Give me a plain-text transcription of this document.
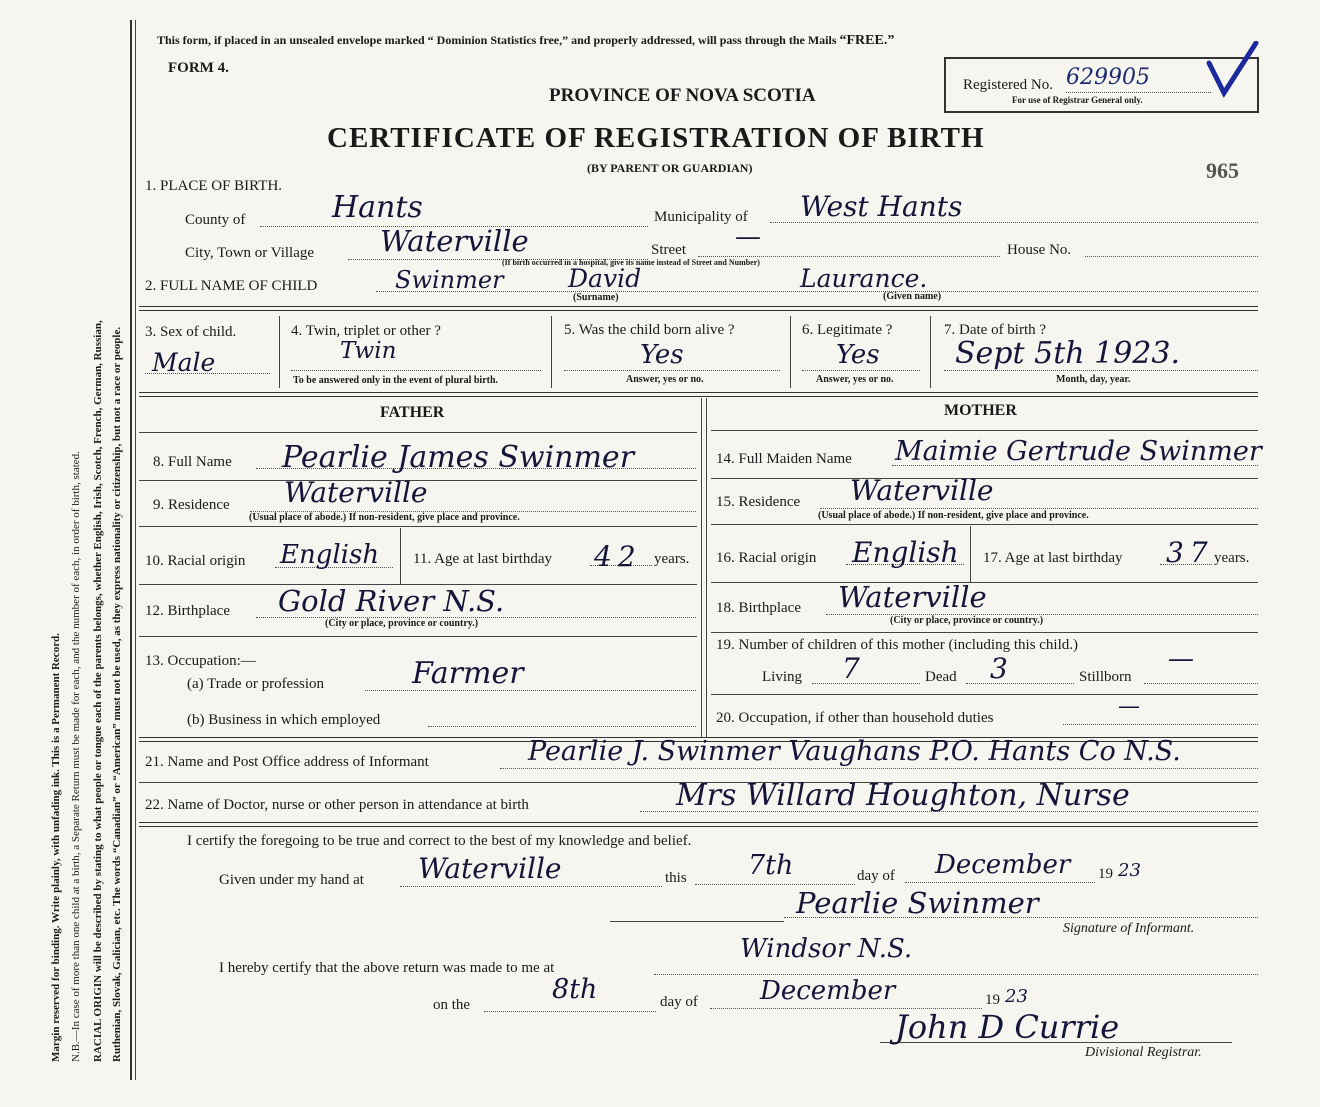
Margin reserved for binding. Write plainly, with unfading ink. This is a Permanent Record. N.B.—In case of more than one child at a birth, a Separate Return must be made for each, and the number of each, in order of birth, stated. RACIAL ORIGIN will be described by stating to what people or tongue each of the parents belongs, whether English, Irish, Scotch, French, German, Russian, Ruthenian, Slovak, Galician, etc. The words “Canadian” or “American” must not be used, as they express nationality or citizenship, but not a race or people.
This form, if placed in an unsealed envelope marked “ Dominion Statistics free,” and properly addressed, will pass through the Mails “FREE.”
FORM 4.
PROVINCE OF NOVA SCOTIA
CERTIFICATE OF REGISTRATION OF BIRTH
(BY PARENT OR GUARDIAN)
Registered No. 629905
For use of Registrar General only.
965
1. PLACE OF BIRTH.
County of	Hants	Municipality of West Hants
City, Town or Village Waterville	Street —	House No.
(If birth occurred in a hospital, give its name instead of Street and Number)
2. FULL NAME OF CHILD	Swinmer	David	Laurance.
(Surname)	(Given name)
3. Sex of child.
Male
4. Twin, triplet or other ?
Twin
To be answered only in the event of plural birth.
5. Was the child born alive ?
Yes
Answer, yes or no.
6. Legitimate ?
Yes
Answer, yes or no.
7. Date of birth ?
Sept 5th 1923.
Month, day, year.
FATHER	MOTHER
8. Full Name Pearlie James Swinmer
9. Residence Waterville
(Usual place of abode.) If non-resident, give place and province.
10. Racial origin English 11. Age at last birthday 42 years.
12. Birthplace Gold River N.S.
(City or place, province or country.)
13. Occupation:—
(a) Trade or profession	Farmer
(b) Business in which employed
14. Full Maiden Name Maimie Gertrude Swinmer
15. Residence Waterville
(Usual place of abode.) If non-resident, give place and province.
16. Racial origin English 17. Age at last birthday 37 years.
18. Birthplace Waterville
(City or place, province or country.)
19. Number of children of this mother (including this child.)
Living 7	Dead 3	Stillborn
—
20. Occupation, if other than household duties	—
21. Name and Post Office address of Informant	Pearlie J. Swinmer Vaughans P.O. Hants Co N.S.
22. Name of Doctor, nurse or other person in attendance at birth	Mrs Willard Houghton, Nurse
I certify the foregoing to be true and correct to the best of my knowledge and belief.
Given under my hand at Waterville	this 7th	day of December 19 23
Pearlie Swinmer
Signature of Informant.
I hereby certify that the above return was made to me at
Windsor N.S.
on the	8th	day of December	19 23
John D Currie
Divisional Registrar.
